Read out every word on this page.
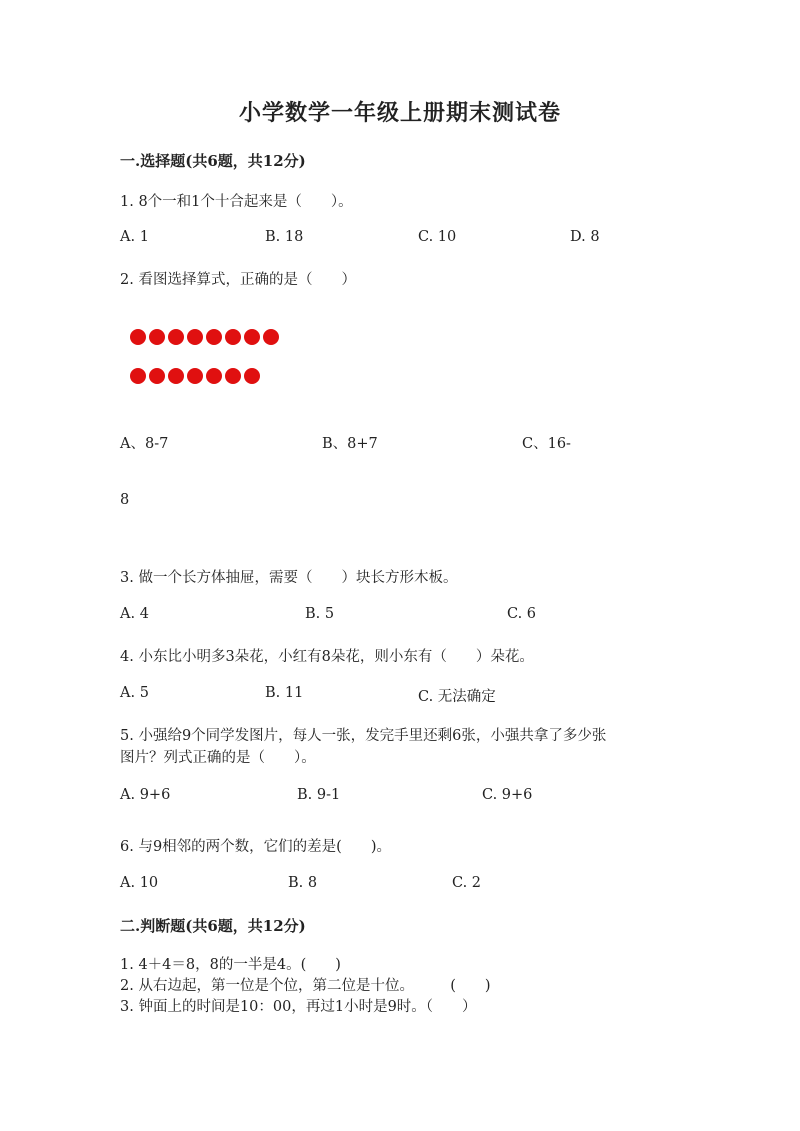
小学数学一年级上册期末测试卷
一.选择题(共6题，共12分)
1. 8个一和1个十合起来是（　　）。
A. 1	B. 18	C. 10	D. 8
2. 看图选择算式，正确的是（　　）
A、8-7	B、8+7	C、16-
8
3. 做一个长方体抽屉，需要（　　）块长方形木板。
A. 4	B. 5	C. 6
4. 小东比小明多3朵花，小红有8朵花，则小东有（　　）朵花。
A. 5	B. 11	C. 无法确定
5. 小强给9个同学发图片，每人一张，发完手里还剩6张，小强共拿了多少张
图片？列式正确的是（　　）。
A. 9+6	B. 9-1	C. 9+6
6. 与9相邻的两个数，它们的差是(　　)。
A. 10	B. 8	C. 2
二.判断题(共6题，共12分)
1. 4＋4＝8，8的一半是4。(　　)
2. 从右边起，第一位是个位，第二位是十位。　　　(　　)
3. 钟面上的时间是10：00，再过1小时是9时。（　　）
